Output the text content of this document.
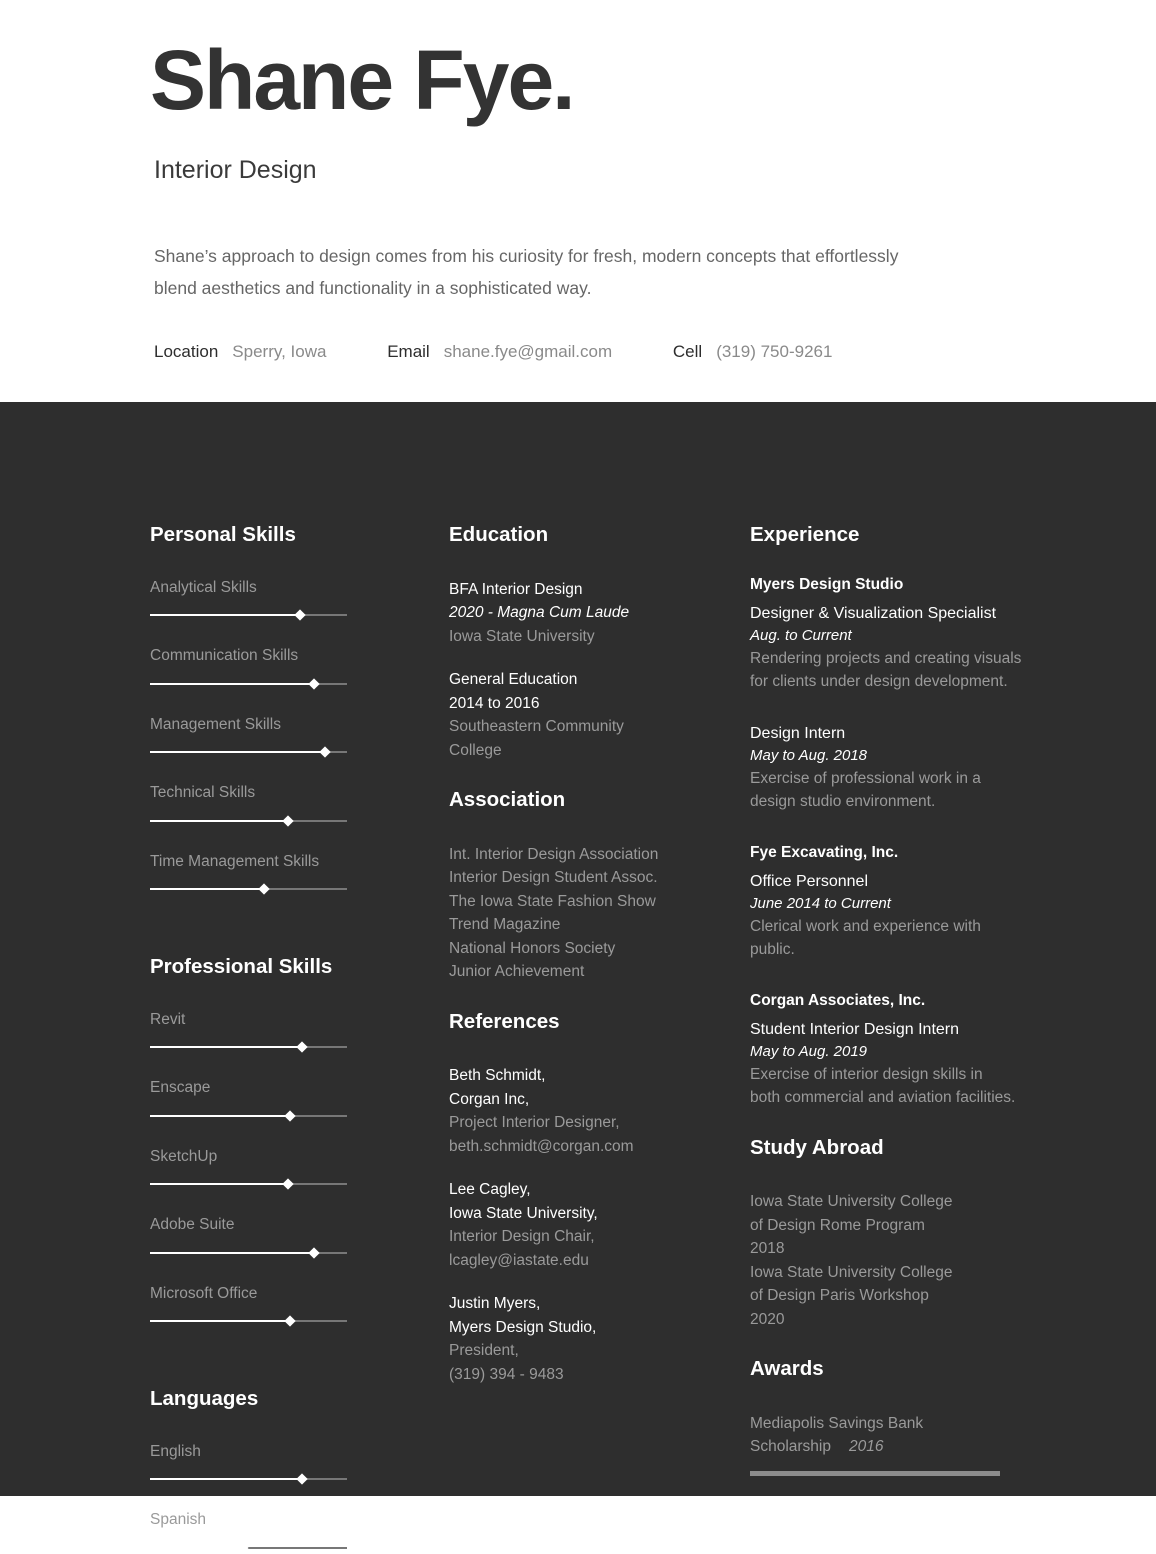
Shane Fye.
Interior Design
Shane’s approach to design comes from his curiosity for fresh, modern concepts that effortlessly blend aesthetics and functionality in a sophisticated way.
Location Sperry, Iowa	Email shane.fye@gmail.com	Cell (319) 750-9261
Personal Skills
Analytical Skills
Communication Skills
Management Skills
Technical Skills
Time Management Skills
Professional Skills
Revit
Enscape
SketchUp
Adobe Suite
Microsoft Office
Languages
English
Spanish
Education
BFA Interior Design
2020 - Magna Cum Laude
Iowa State University
General Education
2014 to 2016
Southeastern Community
College
Association
Int. Interior Design Association
Interior Design Student Assoc.
The Iowa State Fashion Show
Trend Magazine
National Honors Society
Junior Achievement
References
Beth Schmidt,
Corgan Inc,
Project Interior Designer,
beth.schmidt@corgan.com
Lee Cagley,
Iowa State University,
Interior Design Chair,
lcagley@iastate.edu
Justin Myers,
Myers Design Studio,
President,
(319) 394 - 9483
Experience
Myers Design Studio
Designer & Visualization Specialist
Aug. to Current
Rendering projects and creating visuals
for clients under design development.
Design Intern
May to Aug. 2018
Exercise of professional work in a
design studio environment.
Fye Excavating, Inc.
Office Personnel
June 2014 to Current
Clerical work and experience with
public.
Corgan Associates, Inc.
Student Interior Design Intern
May to Aug. 2019
Exercise of interior design skills in
both commercial and aviation facilities.
Study Abroad
Iowa State University College
of Design Rome Program
2018
Iowa State University College
of Design Paris Workshop
2020
Awards
Mediapolis Savings Bank
Scholarship 2016
